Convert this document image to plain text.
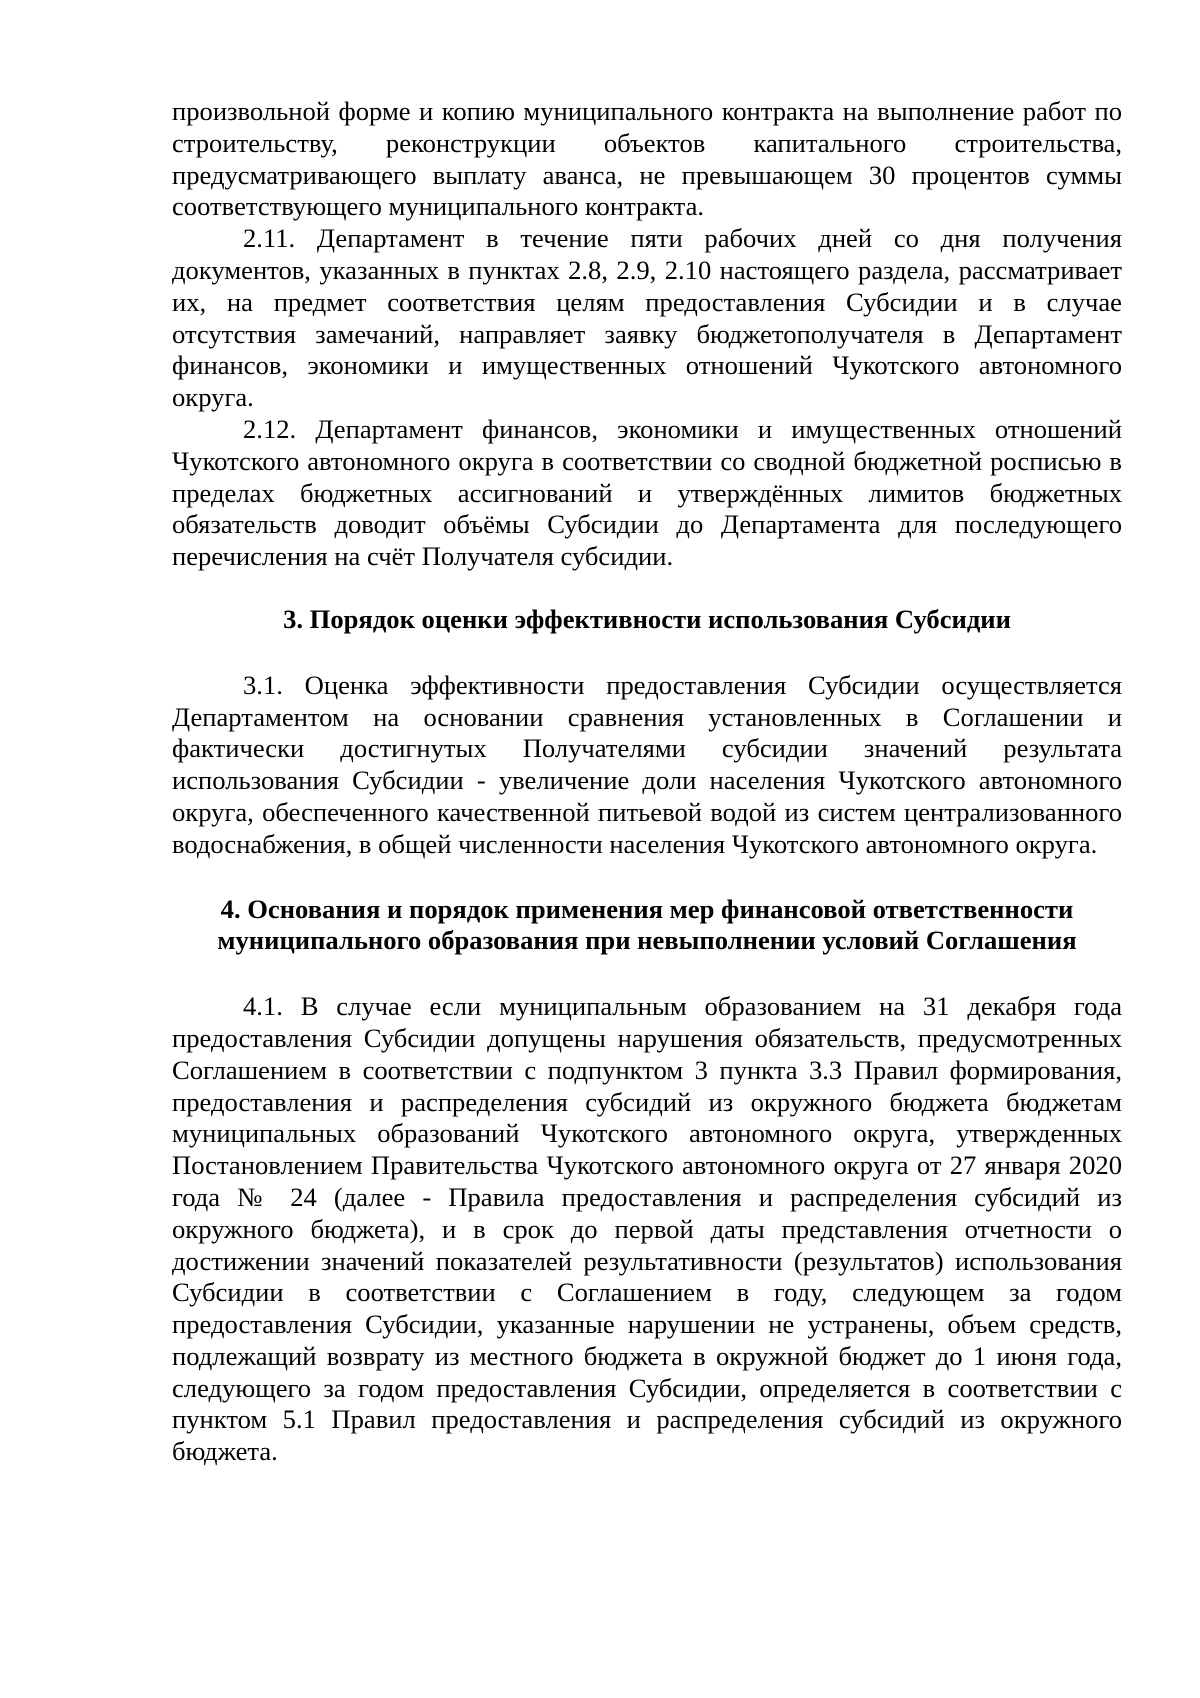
произвольной форме и копию муниципального контракта на выполнение работ по строительству, реконструкции объектов капитального строительства, предусматривающего выплату аванса, не превышающем 30 процентов суммы соответствующего муниципального контракта.

2.11. Департамент в течение пяти рабочих дней со дня получения документов, указанных в пунктах 2.8, 2.9, 2.10 настоящего раздела, рассматривает их, на предмет соответствия целям предоставления Субсидии и в случае отсутствия замечаний, направляет заявку бюджетополучателя в Департамент финансов, экономики и имущественных отношений Чукотского автономного округа.

2.12. Департамент финансов, экономики и имущественных отношений Чукотского автономного округа в соответствии со сводной бюджетной росписью в пределах бюджетных ассигнований и утверждённых лимитов бюджетных обязательств доводит объёмы Субсидии до Департамента для последующего перечисления на счёт Получателя субсидии.

3. Порядок оценки эффективности использования Субсидии

3.1. Оценка эффективности предоставления Субсидии осуществляется Департаментом на основании сравнения установленных в Соглашении и фактически достигнутых Получателями субсидии значений результата использования Субсидии - увеличение доли населения Чукотского автономного округа, обеспеченного качественной питьевой водой из систем централизованного водоснабжения, в общей численности населения Чукотского автономного округа.

4. Основания и порядок применения мер финансовой ответственности
муниципального образования при невыполнении условий Соглашения

4.1. В случае если муниципальным образованием на 31 декабря года предоставления Субсидии допущены нарушения обязательств, предусмотренных Соглашением в соответствии с подпунктом 3 пункта 3.3 Правил формирования, предоставления и распределения субсидий из окружного бюджета бюджетам муниципальных образований Чукотского автономного округа, утвержденных Постановлением Правительства Чукотского автономного округа от 27 января 2020 года № 24 (далее - Правила предоставления и распределения субсидий из окружного бюджета), и в срок до первой даты представления отчетности о достижении значений показателей результативности (результатов) использования Субсидии в соответствии с Соглашением в году, следующем за годом предоставления Субсидии, указанные нарушении не устранены, объем средств, подлежащий возврату из местного бюджета в окружной бюджет до 1 июня года, следующего за годом предоставления Субсидии, определяется в соответствии с пунктом 5.1 Правил предоставления и распределения субсидий из окружного бюджета.
